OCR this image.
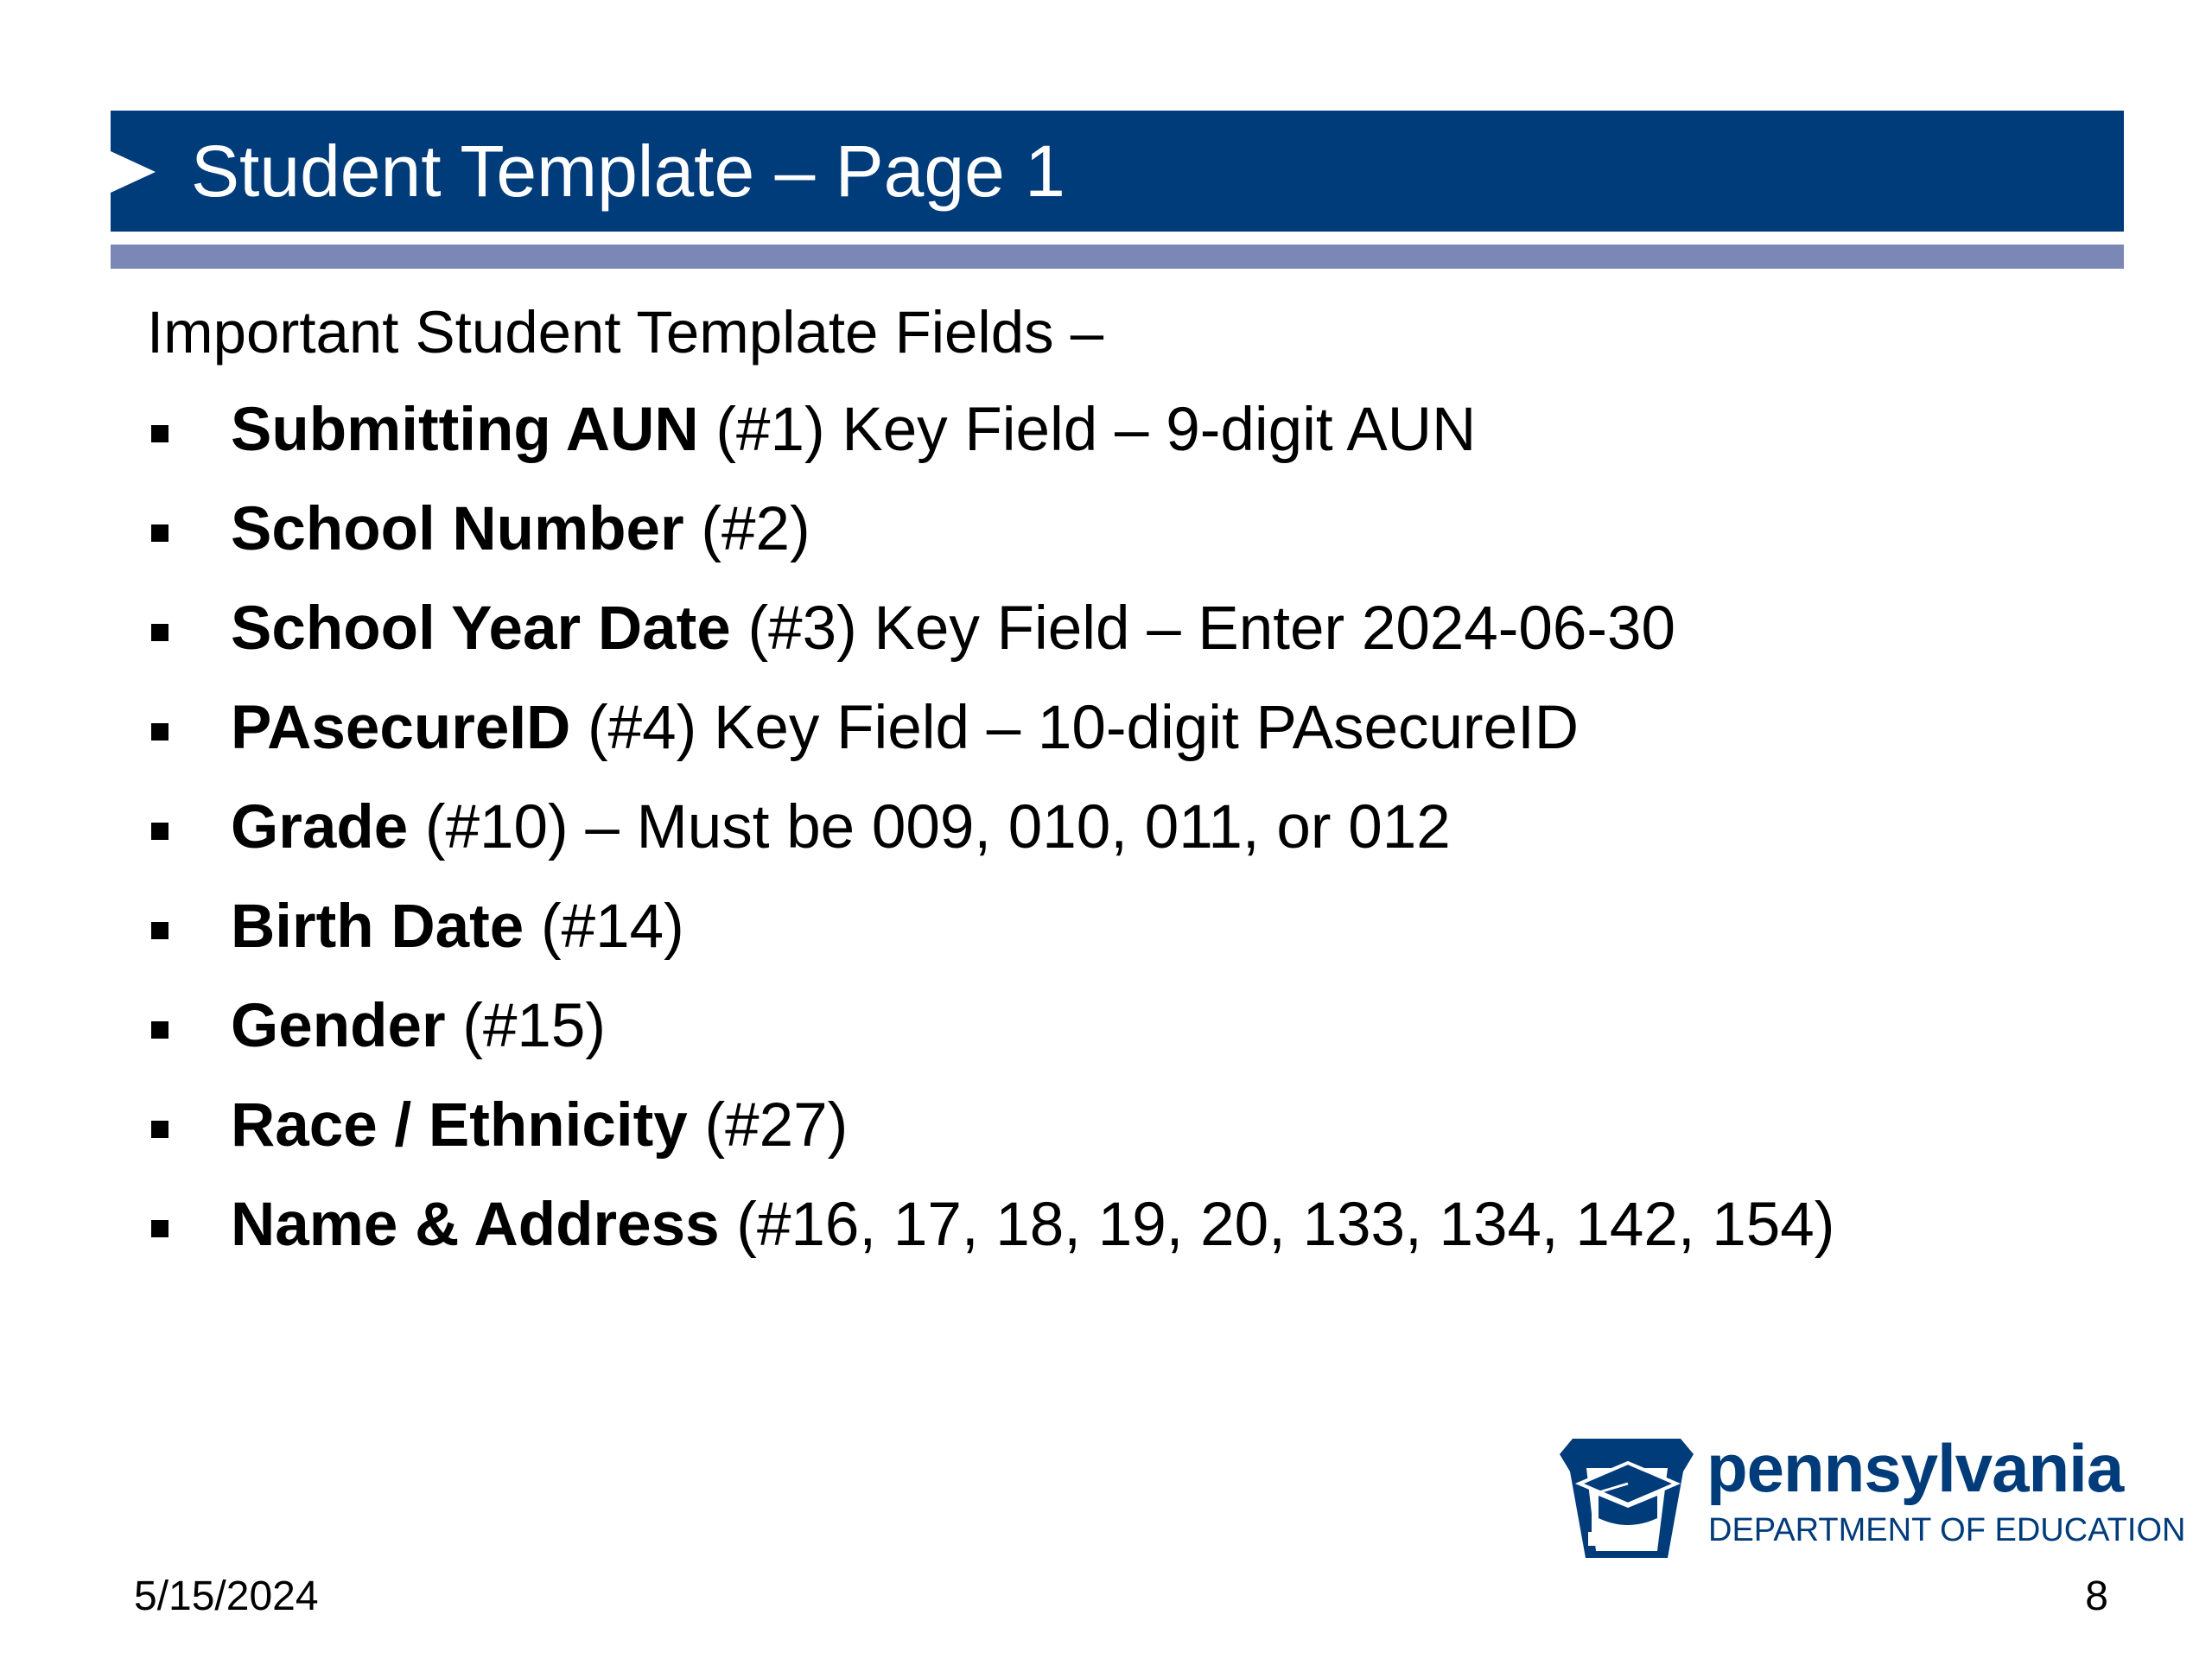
Student Template – Page 1
Important Student Template Fields –
Submitting AUN (#1) Key Field – 9-digit AUN
School Number (#2)
School Year Date (#3) Key Field – Enter 2024-06-30
PAsecureID (#4) Key Field – 10-digit PAsecureID
Grade (#10) – Must be 009, 010, 011, or 012
Birth Date (#14)
Gender (#15)
Race / Ethnicity (#27)
Name & Address (#16, 17, 18, 19, 20, 133, 134, 142, 154)
pennsylvania
DEPARTMENT OF EDUCATION
5/15/2024	8
